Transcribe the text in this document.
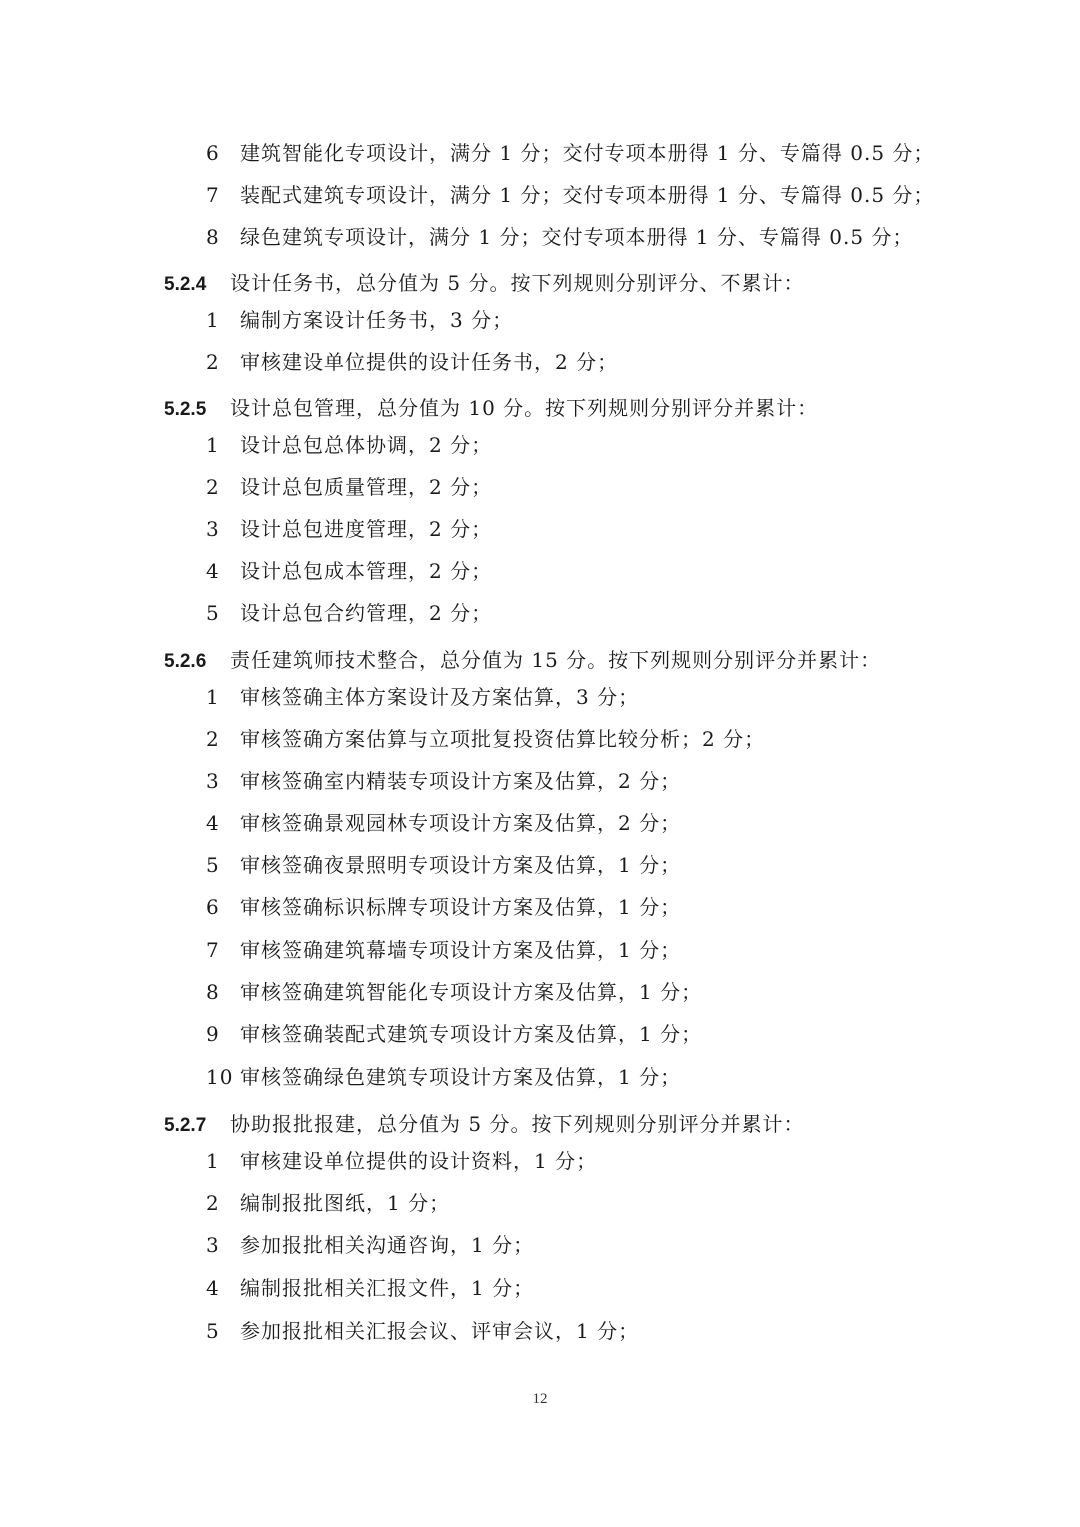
6 建筑智能化专项设计，满分 1 分；交付专项本册得 1 分、专篇得 0.5 分；
7 装配式建筑专项设计，满分 1 分；交付专项本册得 1 分、专篇得 0.5 分；
8 绿色建筑专项设计，满分 1 分；交付专项本册得 1 分、专篇得 0.5 分；
5.2.4 设计任务书，总分值为 5 分。按下列规则分别评分、不累计：
1 编制方案设计任务书，3 分；
2 审核建设单位提供的设计任务书，2 分；
5.2.5 设计总包管理，总分值为 10 分。按下列规则分别评分并累计：
1 设计总包总体协调，2 分；
2 设计总包质量管理，2 分；
3 设计总包进度管理，2 分；
4 设计总包成本管理，2 分；
5 设计总包合约管理，2 分；
5.2.6 责任建筑师技术整合，总分值为 15 分。按下列规则分别评分并累计：
1 审核签确主体方案设计及方案估算，3 分；
2 审核签确方案估算与立项批复投资估算比较分析；2 分；
3 审核签确室内精装专项设计方案及估算，2 分；
4 审核签确景观园林专项设计方案及估算，2 分；
5 审核签确夜景照明专项设计方案及估算，1 分；
6 审核签确标识标牌专项设计方案及估算，1 分；
7 审核签确建筑幕墙专项设计方案及估算，1 分；
8 审核签确建筑智能化专项设计方案及估算，1 分；
9 审核签确装配式建筑专项设计方案及估算，1 分；
10 审核签确绿色建筑专项设计方案及估算，1 分；
5.2.7 协助报批报建，总分值为 5 分。按下列规则分别评分并累计：
1 审核建设单位提供的设计资料，1 分；
2 编制报批图纸，1 分；
3 参加报批相关沟通咨询，1 分；
4 编制报批相关汇报文件，1 分；
5 参加报批相关汇报会议、评审会议，1 分；
12
